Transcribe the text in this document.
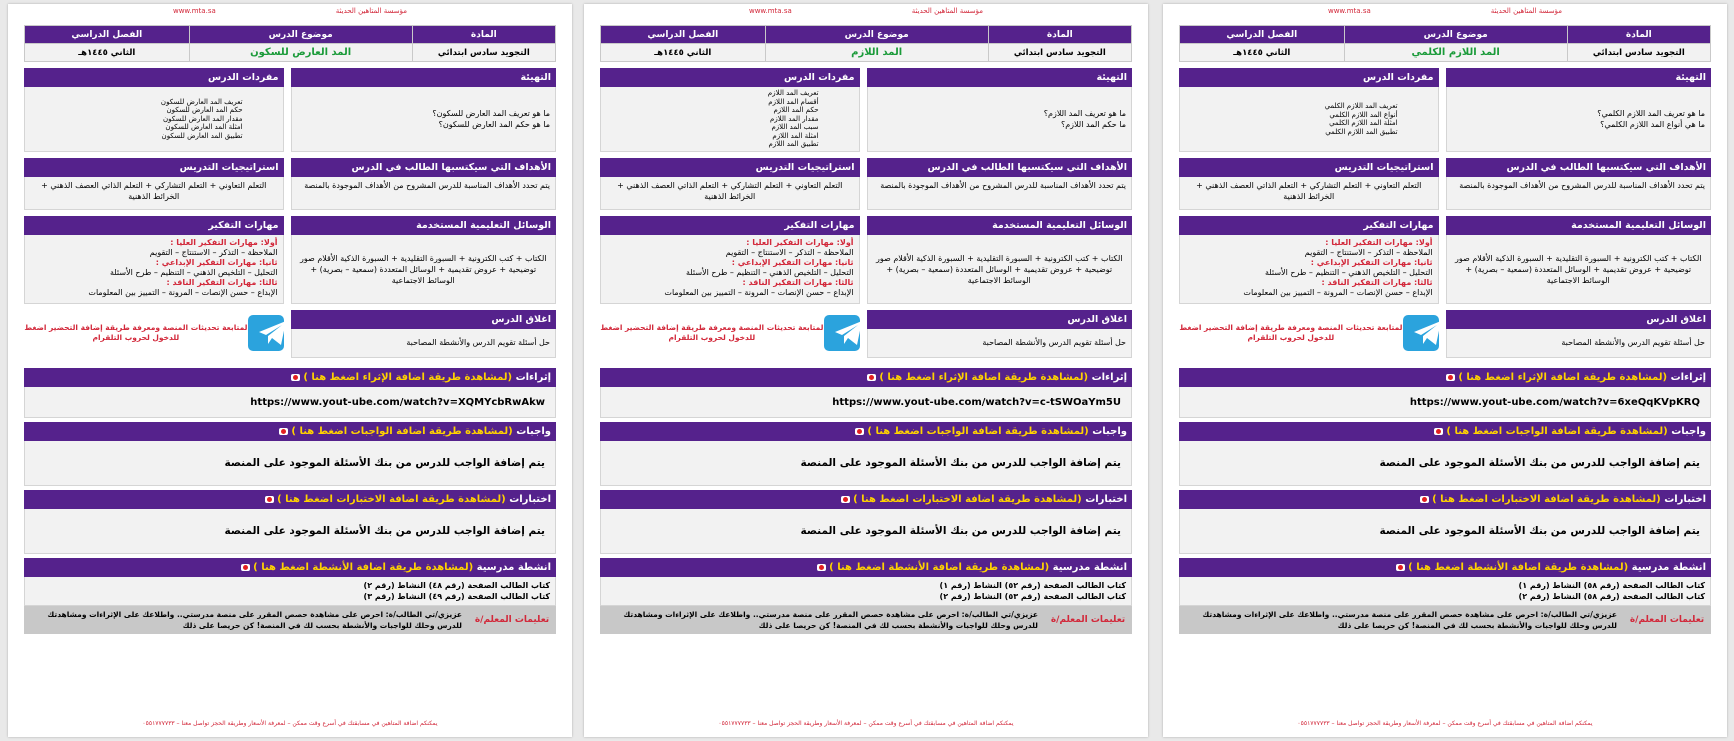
مؤسسة المتاهين الحديثة
www.mta.sa
المادة	موضوع الدرس	الفصل الدراسي
التجويد سادس ابتدائي	المد العارض للسكون	الثاني ١٤٤٥هـ
التهيئة
ما هو تعريف المد العارض للسكون؟
ما هو حكم المد العارض للسكون؟
الأهداف التي سيكتسبها الطالب في الدرس
يتم تحدد الأهداف المناسبة للدرس المشروح من الأهداف الموجودة بالمنصة
الوسائل التعليمية المستخدمة
الكتاب + كتب الكترونية + السبورة التقليدية + السبورة الذكية الأقلام صور توضيحية + عروض تقديمية + الوسائل المتعددة (سمعية – بصرية) + الوسائط الاجتماعية
اغلاق الدرس
حل أسئلة تقويم الدرس والأنشطة المصاحبة
مفردات الدرس
تعريف المد العارض للسكون
حكم المد العارض للسكون
مقدار المد العارض للسكون
امثلة المد العارض للسكون
تطبيق المد العارض للسكون
استراتيجيات التدريس
التعلم التعاوني + التعلم التشاركي + التعلم الذاتي العصف الذهني + الخرائط الذهنية
مهارات التفكير
أولا: مهارات التفكير العليا :
الملاحظة – التذكر – الاستنتاج – التقويم
ثانيا: مهارات التفكير الإبداعي :
التحليل – التلخيص الذهني – التنظيم – طرح الأسئلة
ثالثا: مهارات التفكير الناقد :
الإبداع – حسن الإنصات – المرونة – التمييز بين المعلومات
لمتابعة تحديثات المنصة ومعرفة طريقة إضافة التحضير اضغط للدخول لحروب التلقرام
إثراءات (لمشاهدة طريقة اضافة الإثراء اضغط هنا )
https://www.yout-ube.com/watch?v=XQMYcbRwAkw
واجبات (لمشاهدة طريقة اضافة الواجبات اضغط هنا )
يتم إضافة الواجب للدرس من بنك الأسئلة الموجود على المنصة
اختبارات (لمشاهدة طريقة اضافة الاختبارات اضغط هنا )
يتم إضافة الواجب للدرس من بنك الأسئلة الموجود على المنصة
انشطة مدرسية (لمشاهدة طريقة اضافة الأنشطة اضغط هنا )
كتاب الطالب الصفحة (رقم ٤٨) النشاط (رقم ٢)
كتاب الطالب الصفحة (رقم ٤٩) النشاط (رقم ٣)
تعليمات المعلم/ة
عزيزي/تي الطالب/ة: احرص على مشاهدة حصص المقرر على منصة مدرستي.. واطلاعك على الإثراءات ومشاهدتك للدرس وحلك للواجبات والأنشطة بحسب لك في المنصة! كن حريصا على ذلك
يمكنكم اضافة المتاهين في مسابقتك في أسرع وقت ممكن – لمعرفة الأسعار وطريقة الحجز تواصل معنا – ٠٥٥١٧٧٧٧٣٣
مؤسسة المتاهين الحديثة
www.mta.sa
المادة	موضوع الدرس	الفصل الدراسي
التجويد سادس ابتدائي	المد اللازم	الثاني ١٤٤٥هـ
التهيئة
ما هو تعريف المد اللازم؟
ما حكم المد اللازم؟
الأهداف التي سيكتسبها الطالب في الدرس
يتم تحدد الأهداف المناسبة للدرس المشروح من الأهداف الموجودة بالمنصة
الوسائل التعليمية المستخدمة
الكتاب + كتب الكترونية + السبورة التقليدية + السبورة الذكية الأقلام صور توضيحية + عروض تقديمية + الوسائل المتعددة (سمعية – بصرية) + الوسائط الاجتماعية
اغلاق الدرس
حل أسئلة تقويم الدرس والأنشطة المصاحبة
مفردات الدرس
تعريف المد اللازم
أقسام المد اللازم
حكم المد اللازم
مقدار المد اللازم
سبب المد اللازم
امثلة المد اللازم
تطبيق المد اللازم
استراتيجيات التدريس
التعلم التعاوني + التعلم التشاركي + التعلم الذاتي العصف الذهني + الخرائط الذهنية
مهارات التفكير
أولا: مهارات التفكير العليا :
الملاحظة – التذكر – الاستنتاج – التقويم
ثانيا: مهارات التفكير الإبداعي :
التحليل – التلخيص الذهني – التنظيم – طرح الأسئلة
ثالثا: مهارات التفكير الناقد :
الإبداع – حسن الإنصات – المرونة – التمييز بين المعلومات
لمتابعة تحديثات المنصة ومعرفة طريقة إضافة التحضير اضغط للدخول لحروب التلقرام
إثراءات (لمشاهدة طريقة اضافة الإثراء اضغط هنا )
https://www.yout-ube.com/watch?v=c-tSWOaYm5U
واجبات (لمشاهدة طريقة اضافة الواجبات اضغط هنا )
يتم إضافة الواجب للدرس من بنك الأسئلة الموجود على المنصة
اختبارات (لمشاهدة طريقة اضافة الاختبارات اضغط هنا )
يتم إضافة الواجب للدرس من بنك الأسئلة الموجود على المنصة
انشطة مدرسية (لمشاهدة طريقة اضافة الأنشطة اضغط هنا )
كتاب الطالب الصفحة (رقم ٥٢) النشاط (رقم ١)
كتاب الطالب الصفحة (رقم ٥٣) النشاط (رقم ٢)
تعليمات المعلم/ة
عزيزي/تي الطالب/ة: احرص على مشاهدة حصص المقرر على منصة مدرستي.. واطلاعك على الإثراءات ومشاهدتك للدرس وحلك للواجبات والأنشطة بحسب لك في المنصة! كن حريصا على ذلك
يمكنكم اضافة المتاهين في مسابقتك في أسرع وقت ممكن – لمعرفة الأسعار وطريقة الحجز تواصل معنا – ٠٥٥١٧٧٧٧٣٣
مؤسسة المتاهين الحديثة
www.mta.sa
المادة	موضوع الدرس	الفصل الدراسي
التجويد سادس ابتدائي	المد اللازم الكلمي	الثاني ١٤٤٥هـ
التهيئة
ما هو تعريف المد اللازم الكلمي؟
ما هي أنواع المد اللازم الكلمي؟
الأهداف التي سيكتسبها الطالب في الدرس
يتم تحدد الأهداف المناسبة للدرس المشروح من الأهداف الموجودة بالمنصة
الوسائل التعليمية المستخدمة
الكتاب + كتب الكترونية + السبورة التقليدية + السبورة الذكية الأقلام صور توضيحية + عروض تقديمية + الوسائل المتعددة (سمعية – بصرية) + الوسائط الاجتماعية
اغلاق الدرس
حل أسئلة تقويم الدرس والأنشطة المصاحبة
مفردات الدرس
تعريف المد اللازم الكلمي
أنواع المد اللازم الكلمي
امثلة المد اللازم الكلمي
تطبيق المد اللازم الكلمي
استراتيجيات التدريس
التعلم التعاوني + التعلم التشاركي + التعلم الذاتي العصف الذهني + الخرائط الذهنية
مهارات التفكير
أولا: مهارات التفكير العليا :
الملاحظة – التذكر – الاستنتاج – التقويم
ثانيا: مهارات التفكير الإبداعي :
التحليل – التلخيص الذهني – التنظيم – طرح الأسئلة
ثالثا: مهارات التفكير الناقد :
الإبداع – حسن الإنصات – المرونة – التمييز بين المعلومات
لمتابعة تحديثات المنصة ومعرفة طريقة إضافة التحضير اضغط للدخول لحروب التلقرام
إثراءات (لمشاهدة طريقة اضافة الإثراء اضغط هنا )
https://www.yout-ube.com/watch?v=6xeQqKVpKRQ
واجبات (لمشاهدة طريقة اضافة الواجبات اضغط هنا )
يتم إضافة الواجب للدرس من بنك الأسئلة الموجود على المنصة
اختبارات (لمشاهدة طريقة اضافة الاختبارات اضغط هنا )
يتم إضافة الواجب للدرس من بنك الأسئلة الموجود على المنصة
انشطة مدرسية (لمشاهدة طريقة اضافة الأنشطة اضغط هنا )
كتاب الطالب الصفحة (رقم ٥٨) النشاط (رقم ١)
كتاب الطالب الصفحة (رقم ٥٨) النشاط (رقم ٢)
تعليمات المعلم/ة
عزيزي/تي الطالب/ة: احرص على مشاهدة حصص المقرر على منصة مدرستي.. واطلاعك على الإثراءات ومشاهدتك للدرس وحلك للواجبات والأنشطة بحسب لك في المنصة! كن حريصا على ذلك
يمكنكم اضافة المتاهين في مسابقتك في أسرع وقت ممكن – لمعرفة الأسعار وطريقة الحجز تواصل معنا – ٠٥٥١٧٧٧٧٣٣
